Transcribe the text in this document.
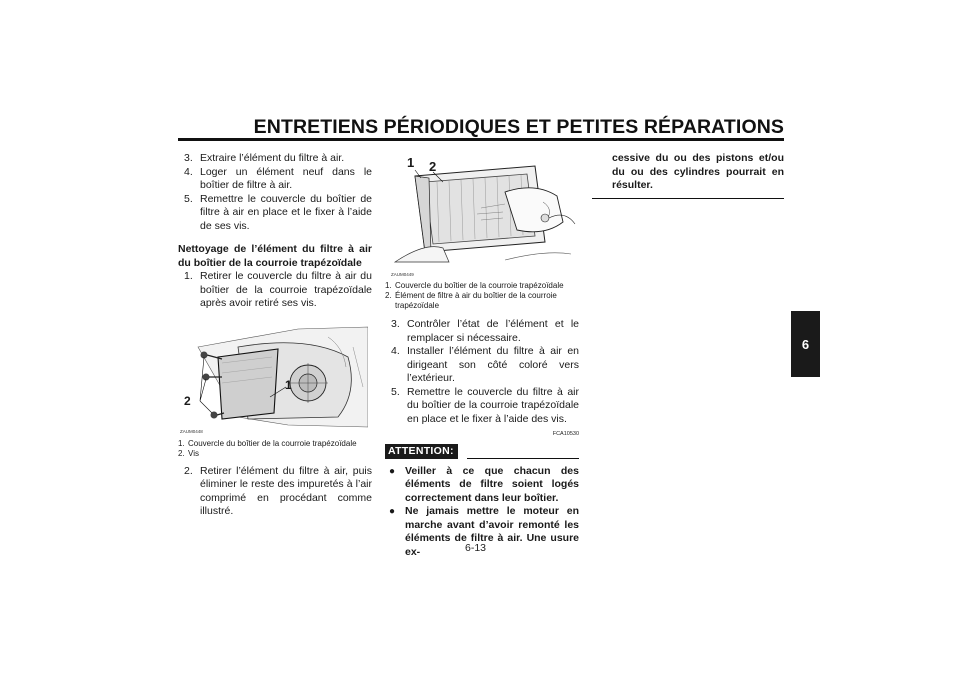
ENTRETIENS PÉRIODIQUES ET PETITES RÉPARATIONS
6
3. Extraire l’élément du filtre à air.
4. Loger un élément neuf dans le boîtier de filtre à air.
5. Remettre le couvercle du boîtier de filtre à air en place et le fixer à l’aide de ses vis.
Nettoyage de l’élément du filtre à air du boîtier de la courroie trapézoïdale
1. Retirer le couvercle du filtre à air du boîtier de la courroie trapézoïdale après avoir retiré ses vis.
1
2
ZAUM0448
1. Couvercle du boîtier de la courroie trapézoïdale
2. Vis
2. Retirer l’élément du filtre à air, puis éliminer le reste des impuretés à l’air comprimé en procédant comme illustré.
1 2
ZAUM0449
1. Couvercle du boîtier de la courroie trapézoïdale
2. Élément de filtre à air du boîtier de la courroie trapézoïdale
3. Contrôler l’état de l’élément et le remplacer si nécessaire.
4. Installer l’élément du filtre à air en dirigeant son côté coloré vers l’extérieur.
5. Remettre le couvercle du filtre à air du boîtier de la courroie trapézoïdale en place et le fixer à l’aide des vis.
FCA10530
ATTENTION:
● Veiller à ce que chacun des éléments de filtre soient logés correctement dans leur boîtier.
● Ne jamais mettre le moteur en marche avant d’avoir remonté les éléments de filtre à air. Une usure ex-
cessive du ou des pistons et/ou du ou des cylindres pourrait en résulter.
6-13
